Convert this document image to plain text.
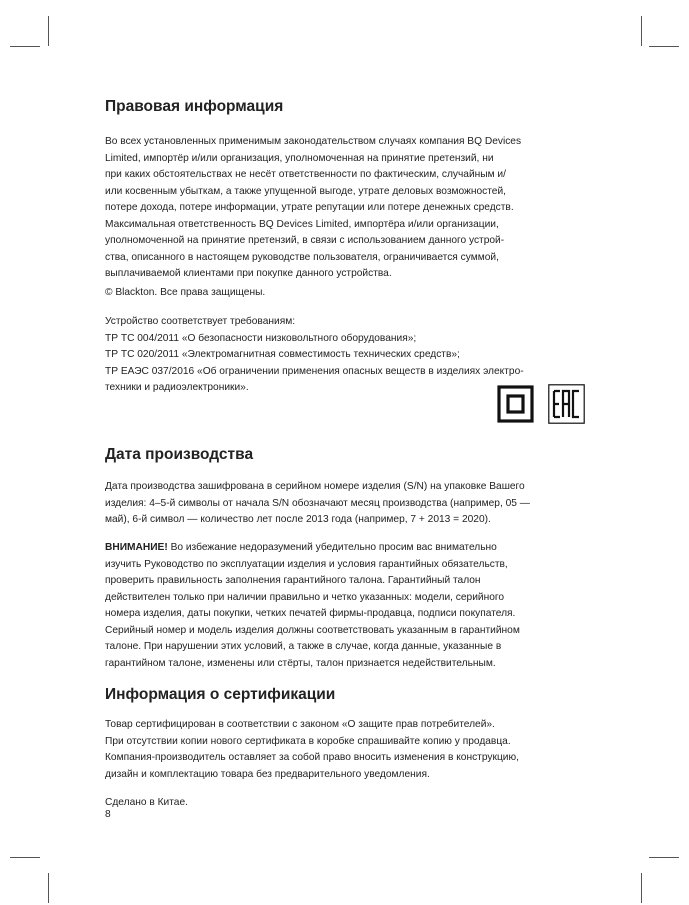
Правовая информация
Во всех установленных применимым законодательством случаях компания BQ Devices
Limited, импортёр и/или организация, уполномоченная на принятие претензий, ни
при каких обстоятельствах не несёт ответственности по фактическим, случайным и/
или косвенным убыткам, а также упущенной выгоде, утрате деловых возможностей,
потере дохода, потере информации, утрате репутации или потере денежных средств.
Максимальная ответственность BQ Devices Limited, импортёра и/или организации,
уполномоченной на принятие претензий, в связи с использованием данного устрой-
ства, описанного в настоящем руководстве пользователя, ограничивается суммой,
выплачиваемой клиентами при покупке данного устройства.
© Blackton. Все права защищены.
Устройство соответствует требованиям:
ТР ТС 004/2011 «О безопасности низковольтного оборудования»;
ТР ТС 020/2011 «Электромагнитная совместимость технических средств»;
ТР ЕАЭС 037/2016 «Об ограничении применения опасных веществ в изделиях электро-
техники и радиоэлектроники».
Дата производства
Дата производства зашифрована в серийном номере изделия (S/N) на упаковке Вашего
изделия: 4–5-й символы от начала S/N обозначают месяц производства (например, 05 —
май), 6-й символ — количество лет после 2013 года (например, 7 + 2013 = 2020).
ВНИМАНИЕ! Во избежание недоразумений убедительно просим вас внимательно
изучить Руководство по эксплуатации изделия и условия гарантийных обязательств,
проверить правильность заполнения гарантийного талона. Гарантийный талон
действителен только при наличии правильно и четко указанных: модели, серийного
номера изделия, даты покупки, четких печатей фирмы-продавца, подписи покупателя.
Серийный номер и модель изделия должны соответствовать указанным в гарантийном
талоне. При нарушении этих условий, а также в случае, когда данные, указанные в
гарантийном талоне, изменены или стёрты, талон признается недействительным.
Информация о сертификации
Товар сертифицирован в соответствии с законом «О защите прав потребителей».
При отсутствии копии нового сертификата в коробке спрашивайте копию у продавца.
Компания-производитель оставляет за собой право вносить изменения в конструкцию,
дизайн и комплектацию товара без предварительного уведомления.
Сделано в Китае.
8
